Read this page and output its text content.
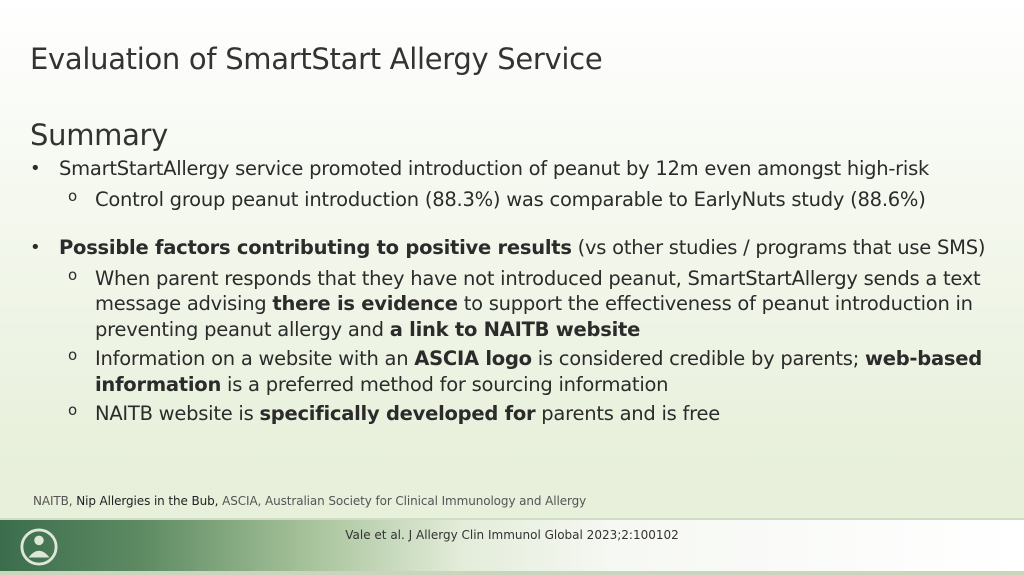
Evaluation of SmartStart Allergy Service
Summary
• SmartStartAllergy service promoted introduction of peanut by 12m even amongst high-risk
o Control group peanut introduction (88.3%) was comparable to EarlyNuts study (88.6%)
• Possible factors contributing to positive results (vs other studies / programs that use SMS)
o When parent responds that they have not introduced peanut, SmartStartAllergy sends a text message advising there is evidence to support the effectiveness of peanut introduction in preventing peanut allergy and a link to NAITB website
o Information on a website with an ASCIA logo is considered credible by parents; web-based information is a preferred method for sourcing information
o NAITB website is specifically developed for parents and is free
NAITB, Nip Allergies in the Bub, ASCIA, Australian Society for Clinical Immunology and Allergy
Vale et al. J Allergy Clin Immunol Global 2023;2:100102
